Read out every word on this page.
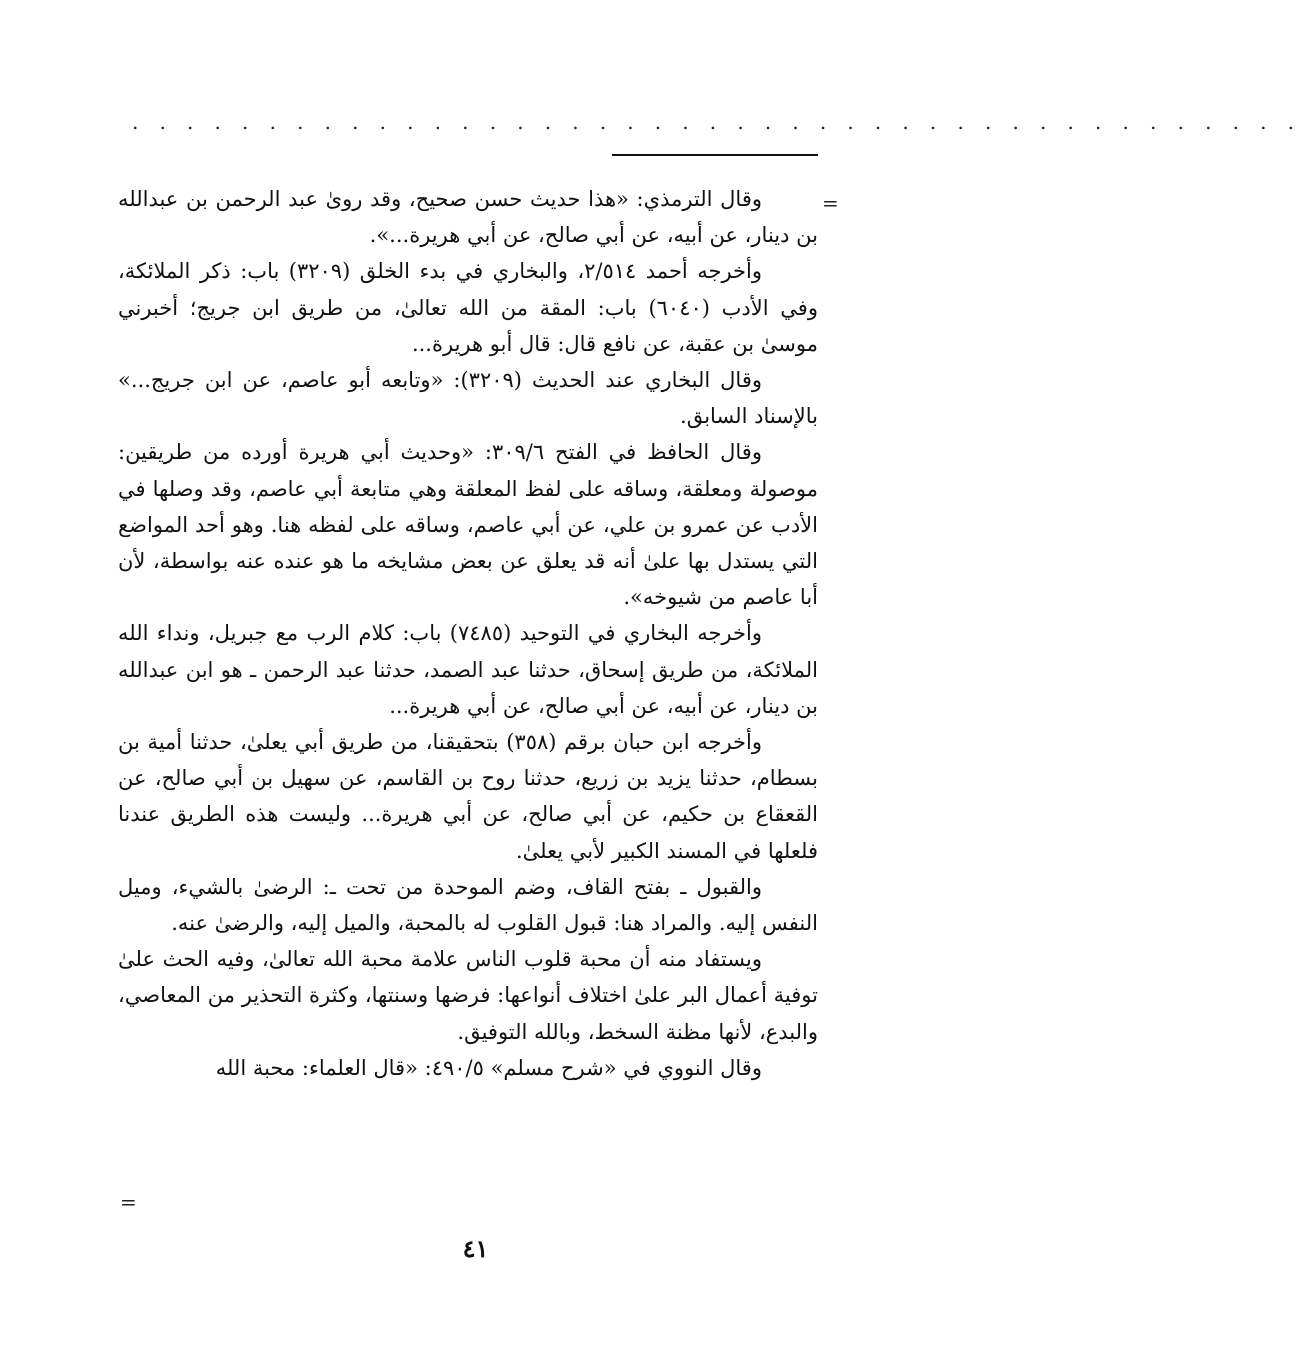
. . . . . . . . . . . . . . . . . . . . . . . . . . . . . . . . . . . . . . . . . . .
=

وقال الترمذي: «هذا حديث حسن صحيح، وقد روىٰ عبد الرحمن بن عبدالله بن دينار، عن أبيه، عن أبي صالح، عن أبي هريرة...».

وأخرجه أحمد ٢/٥١٤، والبخاري في بدء الخلق (٣٢٠٩) باب: ذكر الملائكة، وفي الأدب (٦٠٤٠) باب: المقة من الله تعالىٰ، من طريق ابن جريج؛ أخبرني موسىٰ بن عقبة، عن نافع قال: قال أبو هريرة...

وقال البخاري عند الحديث (٣٢٠٩): «وتابعه أبو عاصم، عن ابن جريج...» بالإسناد السابق.

وقال الحافظ في الفتح ٣٠٩/٦: «وحديث أبي هريرة أورده من طريقين: موصولة ومعلقة، وساقه على لفظ المعلقة وهي متابعة أبي عاصم، وقد وصلها في الأدب عن عمرو بن علي، عن أبي عاصم، وساقه على لفظه هنا. وهو أحد المواضع التي يستدل بها علىٰ أنه قد يعلق عن بعض مشايخه ما هو عنده عنه بواسطة، لأن أبا عاصم من شيوخه».

وأخرجه البخاري في التوحيد (٧٤٨٥) باب: كلام الرب مع جبريل، ونداء الله الملائكة، من طريق إسحاق، حدثنا عبد الصمد، حدثنا عبد الرحمن ـ هو ابن عبدالله بن دينار، عن أبيه، عن أبي صالح، عن أبي هريرة...

وأخرجه ابن حبان برقم (٣٥٨) بتحقيقنا، من طريق أبي يعلىٰ، حدثنا أمية بن بسطام، حدثنا يزيد بن زريع، حدثنا روح بن القاسم، عن سهيل بن أبي صالح، عن القعقاع بن حكيم، عن أبي صالح، عن أبي هريرة... وليست هذه الطريق عندنا فلعلها في المسند الكبير لأبي يعلىٰ.

والقبول ـ بفتح القاف، وضم الموحدة من تحت ـ: الرضىٰ بالشيء، وميل النفس إليه. والمراد هنا: قبول القلوب له بالمحبة، والميل إليه، والرضىٰ عنه.

ويستفاد منه أن محبة قلوب الناس علامة محبة الله تعالىٰ، وفيه الحث علىٰ توفية أعمال البر علىٰ اختلاف أنواعها: فرضها وسنتها، وكثرة التحذير من المعاصي، والبدع، لأنها مظنة السخط، وبالله التوفيق.

وقال النووي في «شرح مسلم» ٤٩٠/٥: «قال العلماء: محبة الله

=
٤١
